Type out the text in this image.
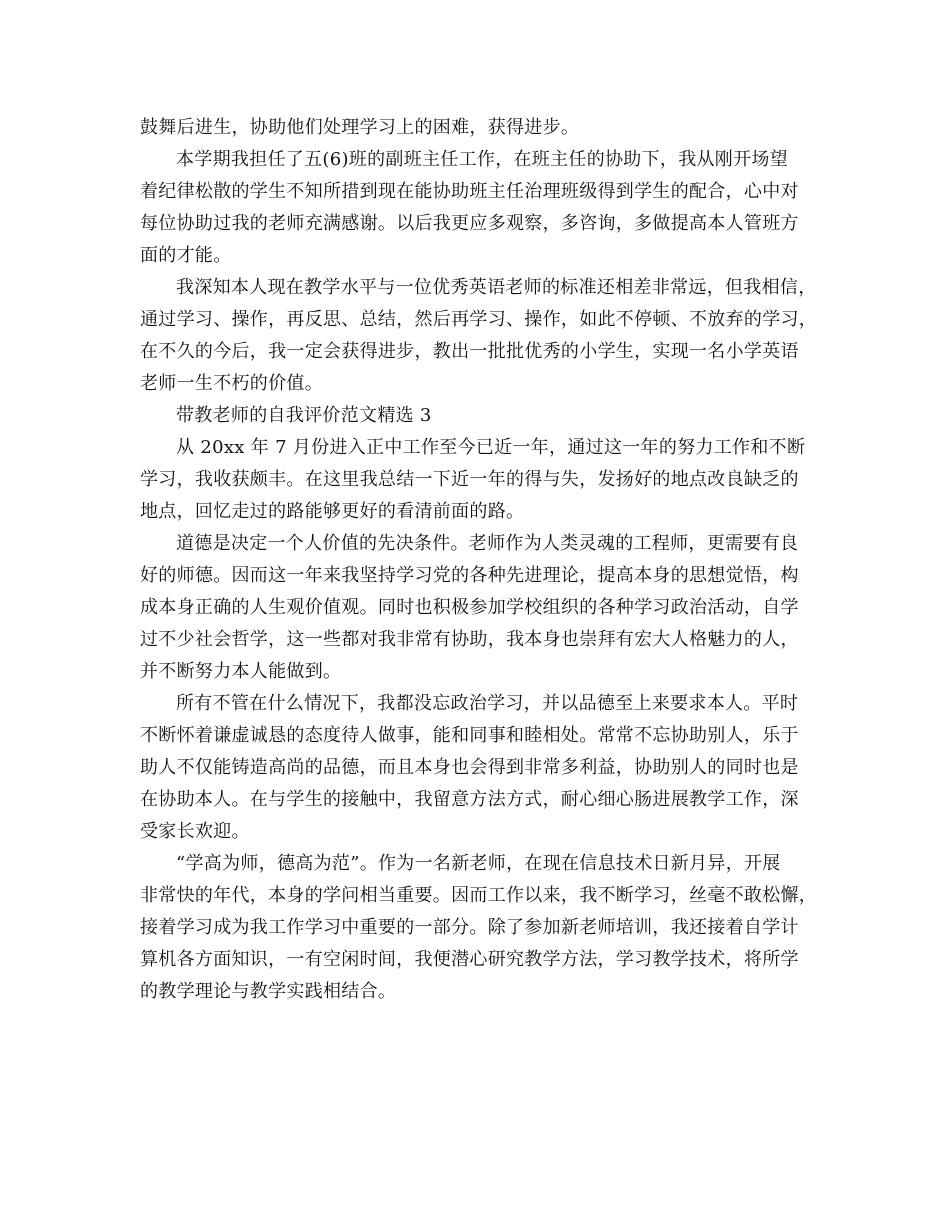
鼓舞后进生，协助他们处理学习上的困难，获得进步。
本学期我担任了五(6)班的副班主任工作，在班主任的协助下，我从刚开场望
着纪律松散的学生不知所措到现在能协助班主任治理班级得到学生的配合，心中对
每位协助过我的老师充满感谢。以后我更应多观察，多咨询，多做提高本人管班方
面的才能。
我深知本人现在教学水平与一位优秀英语老师的标准还相差非常远，但我相信，
通过学习、操作，再反思、总结，然后再学习、操作，如此不停顿、不放弃的学习，
在不久的今后，我一定会获得进步，教出一批批优秀的小学生，实现一名小学英语
老师一生不朽的价值。
带教老师的自我评价范文精选 3
从 20xx 年 7 月份进入正中工作至今已近一年，通过这一年的努力工作和不断
学习，我收获颇丰。在这里我总结一下近一年的得与失，发扬好的地点改良缺乏的
地点，回忆走过的路能够更好的看清前面的路。
道德是决定一个人价值的先决条件。老师作为人类灵魂的工程师，更需要有良
好的师德。因而这一年来我坚持学习党的各种先进理论，提高本身的思想觉悟，构
成本身正确的人生观价值观。同时也积极参加学校组织的各种学习政治活动，自学
过不少社会哲学，这一些都对我非常有协助，我本身也崇拜有宏大人格魅力的人，
并不断努力本人能做到。
所有不管在什么情况下，我都没忘政治学习，并以品德至上来要求本人。平时
不断怀着谦虚诚恳的态度待人做事，能和同事和睦相处。常常不忘协助别人，乐于
助人不仅能铸造高尚的品德，而且本身也会得到非常多利益，协助别人的同时也是
在协助本人。在与学生的接触中，我留意方法方式，耐心细心肠进展教学工作，深
受家长欢迎。
“学高为师，德高为范”。作为一名新老师，在现在信息技术日新月异，开展
非常快的年代，本身的学问相当重要。因而工作以来，我不断学习，丝毫不敢松懈，
接着学习成为我工作学习中重要的一部分。除了参加新老师培训，我还接着自学计
算机各方面知识，一有空闲时间，我便潜心研究教学方法，学习教学技术，将所学
的教学理论与教学实践相结合。
